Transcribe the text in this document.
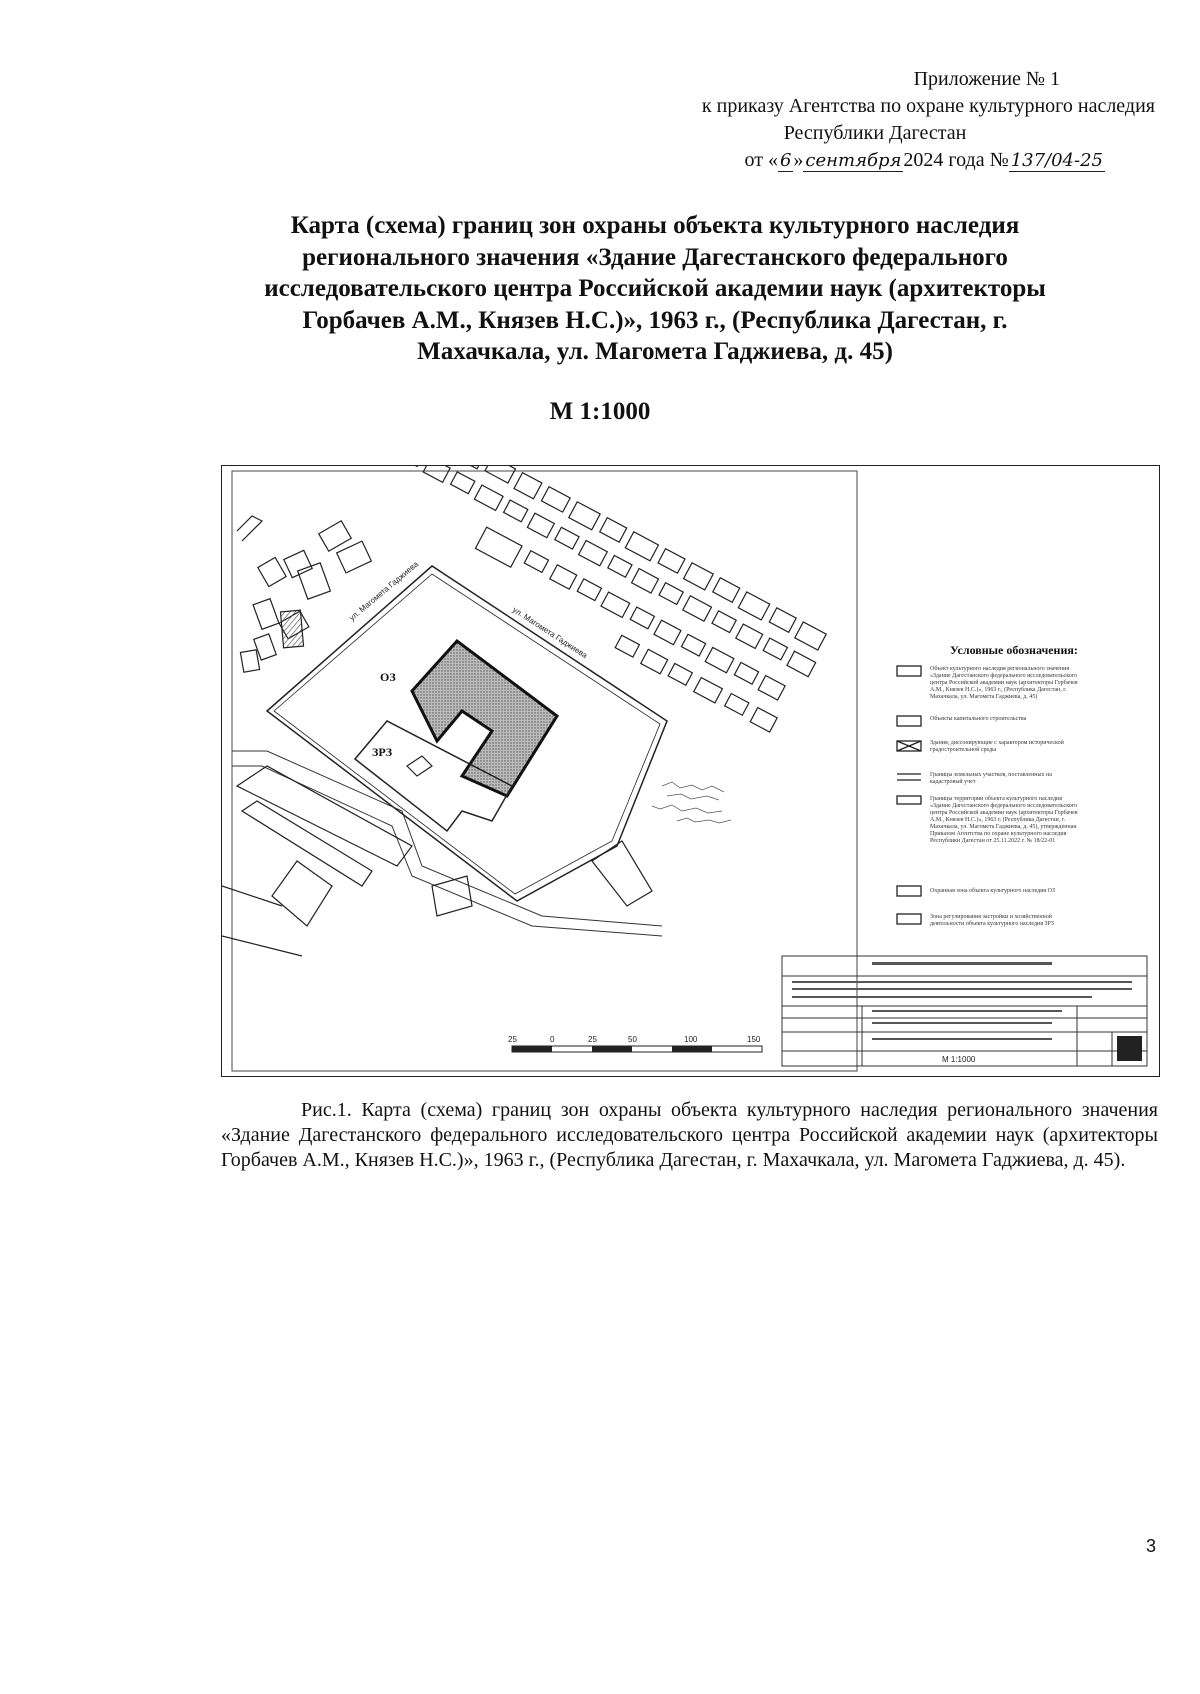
Приложение № 1
к приказу Агентства по охране культурного наследия
Республики Дагестан
от « 6 » сентября 2024 года № 137/04-25
Карта (схема) границ зон охраны объекта культурного наследия
регионального значения «Здание Дагестанского федерального
исследовательского центра Российской академии наук (архитекторы
Горбачев А.М., Князев Н.С.)», 1963 г., (Республика Дагестан, г.
Махачкала, ул. Магомета Гаджиева, д. 45)
М 1:1000
ОЗ
ЗРЗ
ул. Магомета Гаджиева
ул. Магомета Гаджиева
М 1:1000
25	0	25	50	100	150
Условные обозначения:
Объект культурного наследия регионального значения «Здание Дагестанского федерального исследовательского центра Российской академии наук (архитекторы Горбачев А.М., Князев Н.С.)», 1963 г., (Республика Дагестан, г. Махачкала, ул. Магомета Гаджиева, д. 45)
Объекты капитального строительства
Здания, диссонирующие с характером исторической градостроительной среды
Границы земельных участков, поставленных на кадастровый учет
Границы территории объекта культурного наследия «Здание Дагестанского федерального исследовательского центра Российской академии наук (архитекторы Горбачев А.М., Князев Н.С.)», 1963 г. (Республика Дагестан, г. Махачкала, ул. Магомета Гаджиева, д. 45), утвержденная Приказом Агентства по охране культурного наследия Республики Дагестан от 25.11.2022 г. № 18/22-01
Охранная зона объекта культурного наследия ОЗ
Зона регулирования застройки и хозяйственной деятельности объекта культурного наследия ЗРЗ

Рис.1. Карта (схема) границ зон охраны объекта культурного наследия регионального значения «Здание Дагестанского федерального исследовательского центра Российской академии наук (архитекторы Горбачев А.М., Князев Н.С.)», 1963 г., (Республика Дагестан, г. Махачкала, ул. Магомета Гаджиева, д. 45).

3
